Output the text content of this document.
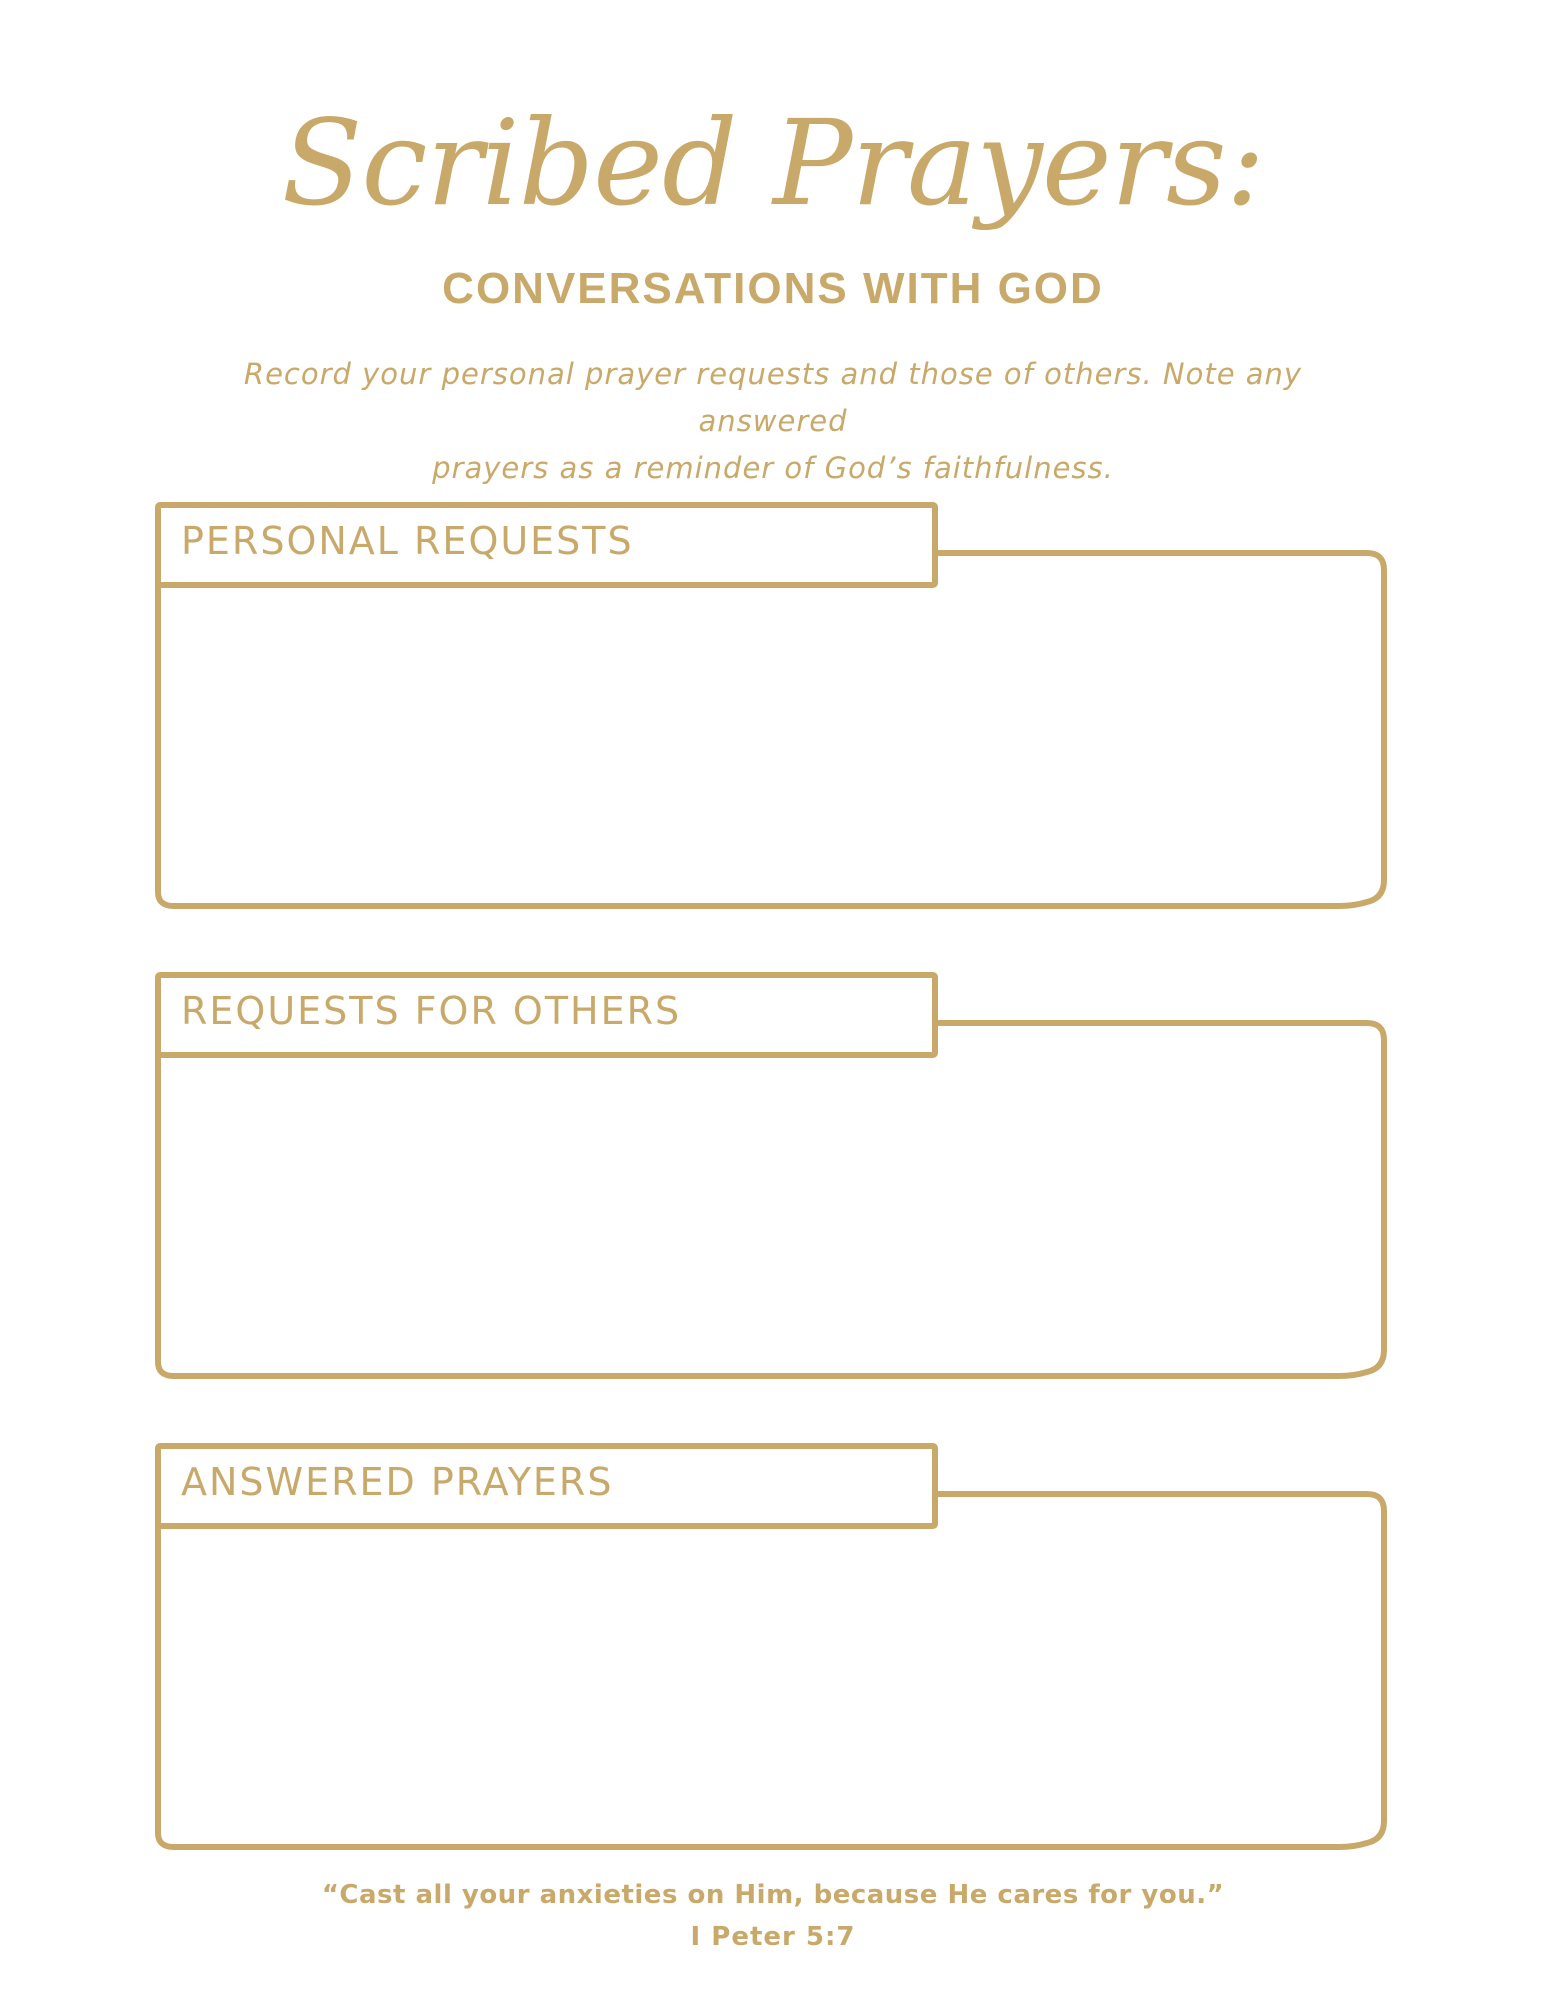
Scribed Prayers:
CONVERSATIONS WITH GOD
Record your personal prayer requests and those of others. Note any answered
prayers as a reminder of God’s faithfulness.
PERSONAL REQUESTS
REQUESTS FOR OTHERS
ANSWERED PRAYERS
“Cast all your anxieties on Him, because He cares for you.”
I Peter 5:7
